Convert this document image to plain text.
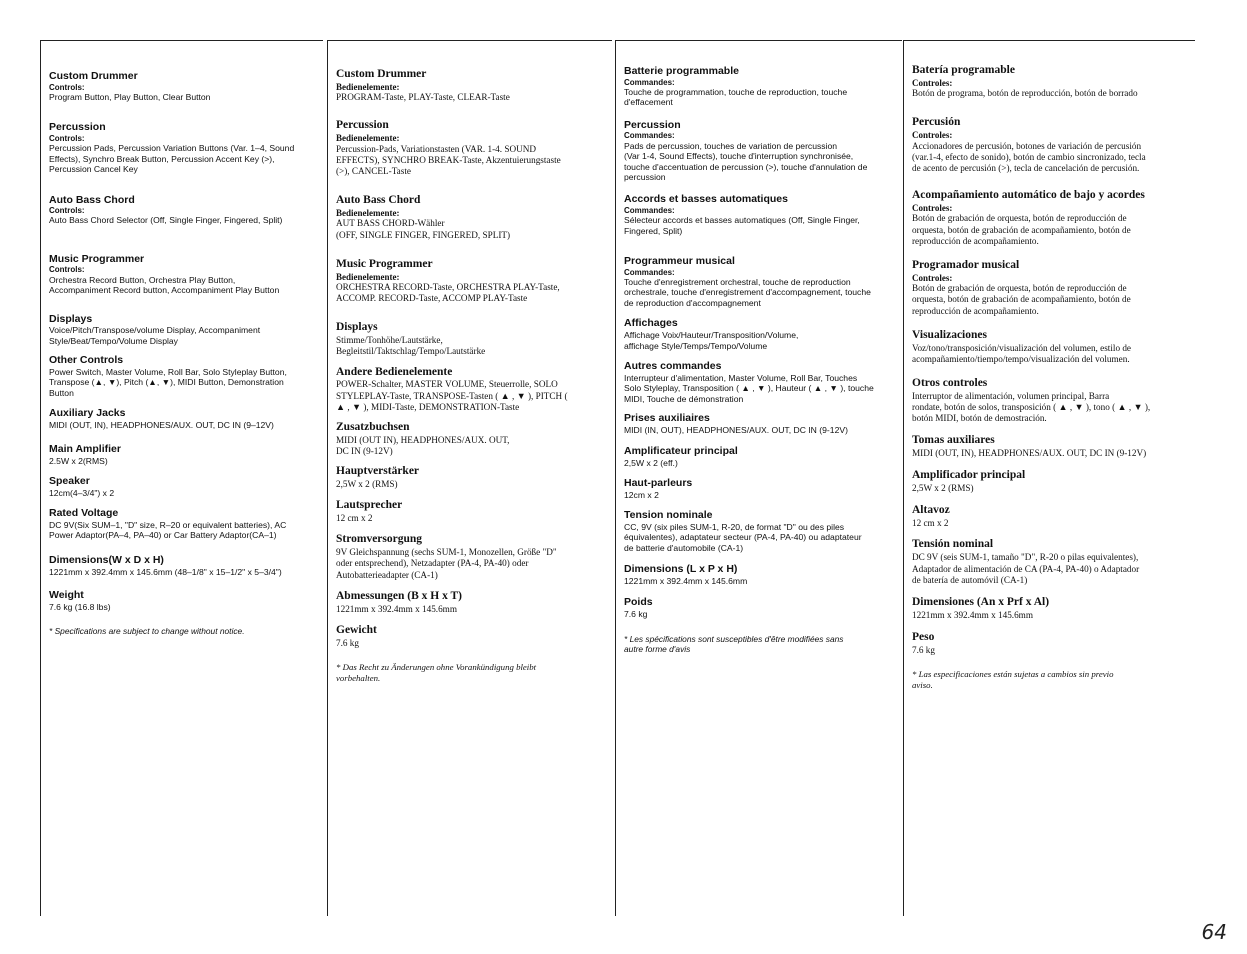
Custom Drummer

Controls:

Program Button, Play Button, Clear Button

Percussion

Controls:

Percussion Pads, Percussion Variation Buttons (Var. 1–4, Sound
Effects), Synchro Break Button, Percussion Accent Key (>),
Percussion Cancel Key

Auto Bass Chord

Controls:

Auto Bass Chord Selector (Off, Single Finger, Fingered, Split)

Music Programmer

Controls:

Orchestra Record Button, Orchestra Play Button,
Accompaniment Record button, Accompaniment Play Button

Displays

Voice/Pitch/Transpose/volume Display, Accompaniment
Style/Beat/Tempo/Volume Display

Other Controls

Power Switch, Master Volume, Roll Bar, Solo Styleplay Button,
Transpose (▲, ▼), Pitch (▲, ▼), MIDI Button, Demonstration
Button

Auxiliary Jacks

MIDI (OUT, IN), HEADPHONES/AUX. OUT, DC IN (9–12V)

Main Amplifier

2.5W x 2(RMS)

Speaker

12cm(4–3/4") x 2

Rated Voltage

DC 9V(Six SUM–1, "D" size, R–20 or equivalent batteries), AC
Power Adaptor(PA–4, PA–40) or Car Battery Adaptor(CA–1)

Dimensions(W x D x H)

1221mm x 392.4mm x 145.6mm (48–1/8" x 15–1/2" x 5–3/4")

Weight

7.6 kg (16.8 lbs)

* Specifications are subject to change without notice.

Custom Drummer

Bedienelemente:

PROGRAM-Taste, PLAY-Taste, CLEAR-Taste

Percussion

Bedienelemente:

Percussion-Pads, Variationstasten (VAR. 1-4. SOUND
EFFECTS), SYNCHRO BREAK-Taste, Akzentuierungstaste
(>), CANCEL-Taste

Auto Bass Chord

Bedienelemente:

AUT BASS CHORD-Wähler
(OFF, SINGLE FINGER, FINGERED, SPLIT)

Music Programmer

Bedienelemente:

ORCHESTRA RECORD-Taste, ORCHESTRA PLAY-Taste,
ACCOMP. RECORD-Taste, ACCOMP PLAY-Taste

Displays

Stimme/Tonhöhe/Lautstärke,
Begleitstil/Taktschlag/Tempo/Lautstärke

Andere Bedienelemente

POWER-Schalter, MASTER VOLUME, Steuerrolle, SOLO
STYLEPLAY-Taste, TRANSPOSE-Tasten ( ▲ , ▼ ), PITCH (
▲ , ▼ ), MIDI-Taste, DEMONSTRATION-Taste

Zusatzbuchsen

MIDI (OUT IN), HEADPHONES/AUX. OUT,
DC IN (9-12V)

Hauptverstärker

2,5W x 2 (RMS)

Lautsprecher

12 cm x 2

Stromversorgung

9V Gleichspannung (sechs SUM-1, Monozellen, Größe "D"
oder entsprechend), Netzadapter (PA-4, PA-40) oder
Autobatterieadapter (CA-1)

Abmessungen (B x H x T)

1221mm x 392.4mm x 145.6mm

Gewicht

7.6 kg

* Das Recht zu Änderungen ohne Vorankündigung bleibt
vorbehalten.

Batterie programmable

Commandes:

Touche de programmation, touche de reproduction, touche
d'effacement

Percussion

Commandes:

Pads de percussion, touches de variation de percussion
(Var 1-4, Sound Effects), touche d'interruption synchronisée,
touche d'accentuation de percussion (>), touche d'annulation de
percussion

Accords et basses automatiques

Commandes:

Sélecteur accords et basses automatiques (Off, Single Finger,
Fingered, Split)

Programmeur musical

Commandes:

Touche d'enregistrement orchestral, touche de reproduction
orchestrale, touche d'enregistrement d'accompagnement, touche
de reproduction d'accompagnement

Affichages

Affichage Voix/Hauteur/Transposition/Volume,
affichage Style/Temps/Tempo/Volume

Autres commandes

Interrupteur d'alimentation, Master Volume, Roll Bar, Touches
Solo Styleplay, Transposition ( ▲ , ▼ ), Hauteur ( ▲ , ▼ ), touche
MIDI, Touche de démonstration

Prises auxiliaires

MIDI (IN, OUT), HEADPHONES/AUX. OUT, DC IN (9-12V)

Amplificateur principal

2,5W x 2 (eff.)

Haut-parleurs

12cm x 2

Tension nominale

CC, 9V (six piles SUM-1, R-20, de format "D" ou des piles
équivalentes), adaptateur secteur (PA-4, PA-40) ou adaptateur
de batterie d'automobile (CA-1)

Dimensions (L x P x H)

1221mm x 392.4mm x 145.6mm

Poids

7.6 kg

* Les spécifications sont susceptibles d'être modifiées sans
autre forme d'avis

Batería programable

Controles:

Botón de programa, botón de reproducción, botón de borrado

Percusión

Controles:

Accionadores de percusión, botones de variación de percusión
(var.1-4, efecto de sonido), botón de cambio sincronizado, tecla
de acento de percusión (>), tecla de cancelación de percusión.

Acompañamiento automático de bajo y acordes

Controles:

Botón de grabación de orquesta, botón de reproducción de
orquesta, botón de grabación de acompañamiento, botón de
reproducción de acompañamiento.

Programador musical

Controles:

Botón de grabación de orquesta, botón de reproducción de
orquesta, botón de grabación de acompañamiento, botón de
reproducción de acompañamiento.

Visualizaciones

Voz/tono/transposición/visualización del volumen, estilo de
acompañamiento/tiempo/tempo/visualización del volumen.

Otros controles

Interruptor de alimentación, volumen principal, Barra
rondate, botón de solos, transposición ( ▲ , ▼ ), tono ( ▲ , ▼ ),
botón MIDI, botón de demostración.

Tomas auxiliares

MIDI (OUT, IN), HEADPHONES/AUX. OUT, DC IN (9-12V)

Amplificador principal

2,5W x 2 (RMS)

Altavoz

12 cm x 2

Tensión nominal

DC 9V (seis SUM-1, tamaño "D", R-20 o pilas equivalentes),
Adaptador de alimentación de CA (PA-4, PA-40) o Adaptador
de batería de automóvil (CA-1)

Dimensiones (An x Prf x Al)

1221mm x 392.4mm x 145.6mm

Peso

7.6 kg

* Las especificaciones están sujetas a cambios sin previo
aviso.

64
